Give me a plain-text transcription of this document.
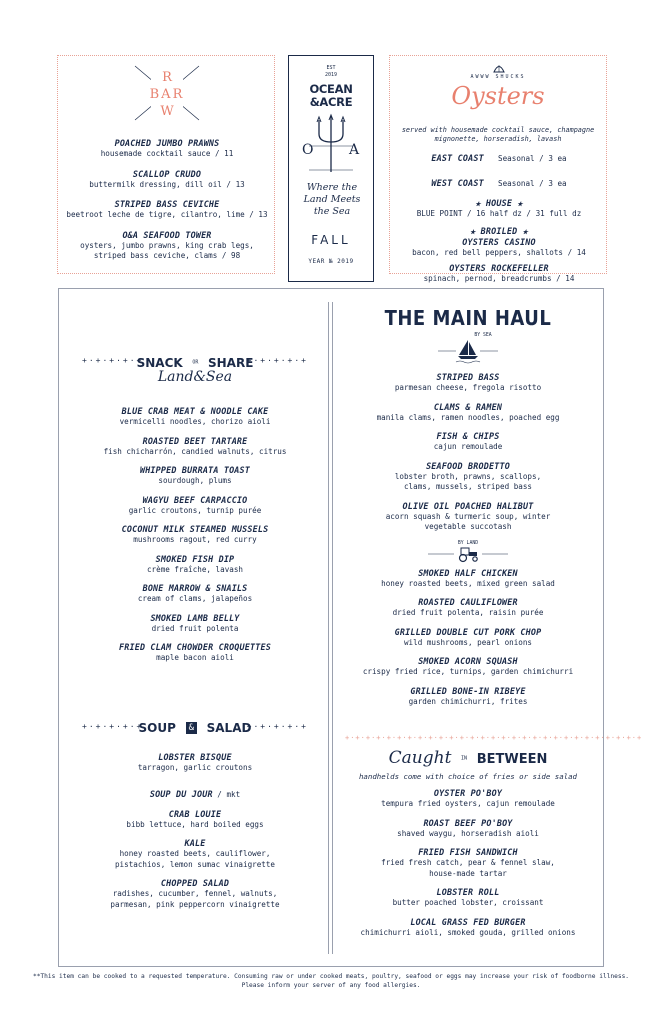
R
BAR
W

POACHED JUMBO PRAWNS

housemade cocktail sauce / 11

SCALLOP CRUDO

buttermilk dressing, dill oil / 13

STRIPED BASS CEVICHE

beetroot leche de tigre, cilantro, lime / 13

O&A SEAFOOD TOWER

oysters, jumbo prawns, king crab legs, striped bass ceviche, clams / 98

EST
2019
OCEAN
&ACRE
O	A
Where the Land Meets the Sea
FALL
YEAR № 2019
AWWW SHUCKS
Oysters
served with housemade cocktail sauce, champagne mignonette, horseradish, lavash
EAST COAST Seasonal / 3 ea
WEST COAST Seasonal / 3 ea

★ HOUSE ★

BLUE POINT / 16 half dz / 31 full dz

★ BROILED ★

OYSTERS CASINO

bacon, red bell peppers, shallots / 14

OYSTERS ROCKEFELLER

spinach, pernod, breadcrumbs / 14

+·+·+·+·+	+·+·+·+·+
SNACK OR SHARE
Land&Sea

BLUE CRAB MEAT & NOODLE CAKE

vermicelli noodles, chorizo aioli

ROASTED BEET TARTARE

fish chicharrón, candied walnuts, citrus

WHIPPED BURRATA TOAST

sourdough, plums

WAGYU BEEF CARPACCIO

garlic croutons, turnip purée

COCONUT MILK STEAMED MUSSELS

mushrooms ragout, red curry

SMOKED FISH DIP

crème fraîche, lavash

BONE MARROW & SNAILS

cream of clams, jalapeños

SMOKED LAMB BELLY

dried fruit polenta

FRIED CLAM CHOWDER CROQUETTES

maple bacon aioli

+·+·+·+·+	+·+·+·+·+
SOUP & SALAD

LOBSTER BISQUE

tarragon, garlic croutons

SOUP DU JOUR / mkt

CRAB LOUIE

bibb lettuce, hard boiled eggs

KALE

honey roasted beets, cauliflower, pistachios, lemon sumac vinaigrette

CHOPPED SALAD

radishes, cucumber, fennel, walnuts, parmesan, pink peppercorn vinaigrette

THE MAIN HAUL
BY SEA

STRIPED BASS

parmesan cheese, fregola risotto

CLAMS & RAMEN

manila clams, ramen noodles, poached egg

FISH & CHIPS

cajun remoulade

SEAFOOD BRODETTO

lobster broth, prawns, scallops, clams, mussels, striped bass

OLIVE OIL POACHED HALIBUT

acorn squash & turmeric soup, winter vegetable succotash

BY LAND

SMOKED HALF CHICKEN

honey roasted beets, mixed green salad

ROASTED CAULIFLOWER

dried fruit polenta, raisin purée

GRILLED DOUBLE CUT PORK CHOP

wild mushrooms, pearl onions

SMOKED ACORN SQUASH

crispy fried rice, turnips, garden chimichurri

GRILLED BONE-IN RIBEYE

garden chimichurri, frites

+·+·+·+·+·+·+·+·+·+·+·+·+·+·+·+·+·+·+·+·+·+·+·+·+·+·+·+·+
Caught IN BETWEEN
handhelds come with choice of fries or side salad

OYSTER PO'BOY

tempura fried oysters, cajun remoulade

ROAST BEEF PO'BOY

shaved waygu, horseradish aioli

FRIED FISH SANDWICH

fried fresh catch, pear & fennel slaw, house-made tartar

LOBSTER ROLL

butter poached lobster, croissant

LOCAL GRASS FED BURGER

chimichurri aioli, smoked gouda, grilled onions

**This item can be cooked to a requested temperature. Consuming raw or under cooked meats, poultry, seafood or eggs may increase your risk of foodborne illness.
Please inform your server of any food allergies.
